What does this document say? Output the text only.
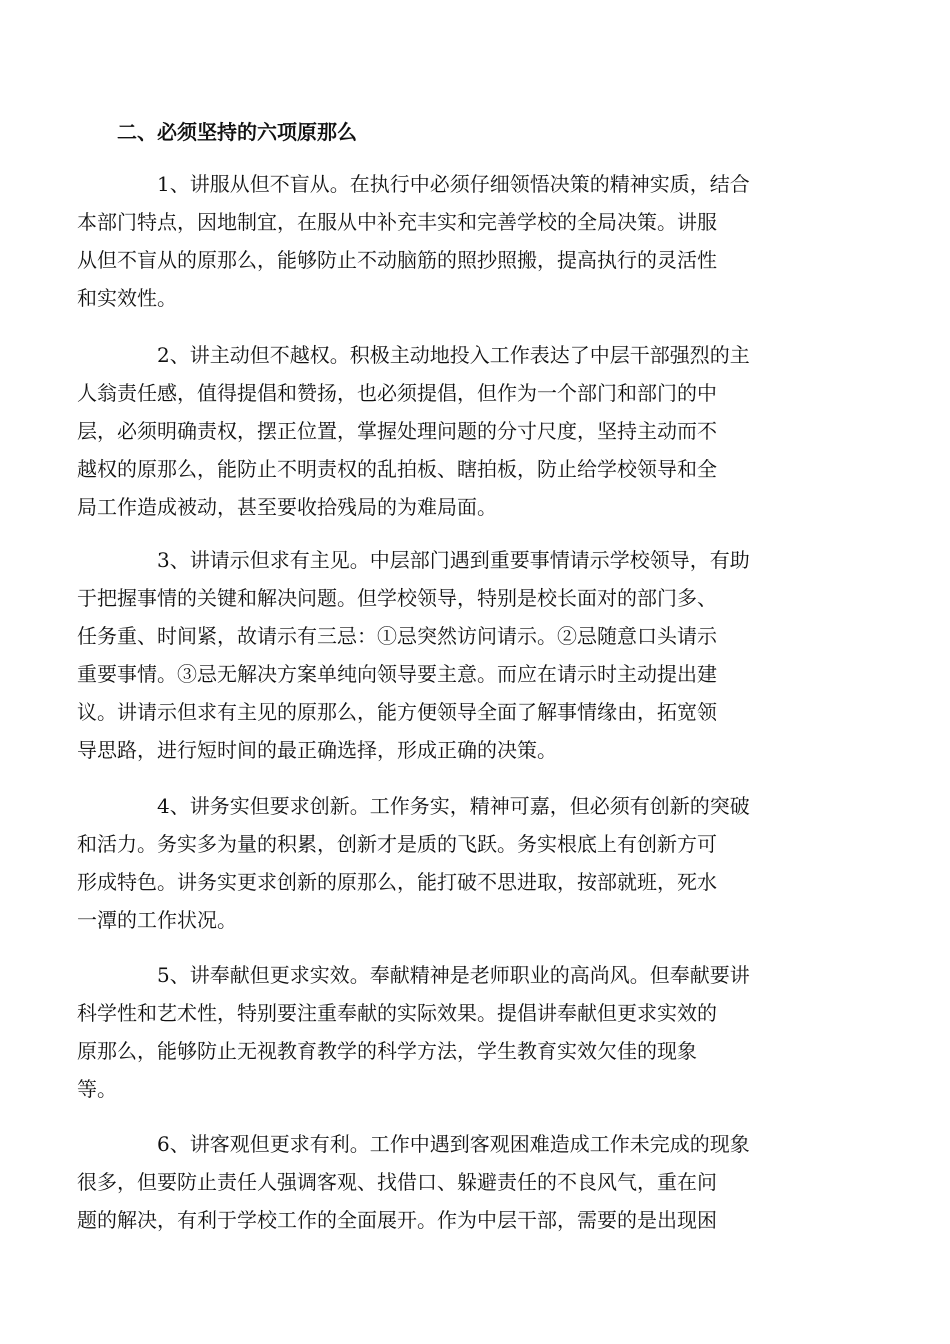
二、必须坚持的六项原那么
1、讲服从但不盲从。在执行中必须仔细领悟决策的精神实质，结合
本部门特点，因地制宜，在服从中补充丰实和完善学校的全局决策。讲服
从但不盲从的原那么，能够防止不动脑筋的照抄照搬，提高执行的灵活性
和实效性。
2、讲主动但不越权。积极主动地投入工作表达了中层干部强烈的主
人翁责任感，值得提倡和赞扬，也必须提倡，但作为一个部门和部门的中
层，必须明确责权，摆正位置，掌握处理问题的分寸尺度，坚持主动而不
越权的原那么，能防止不明责权的乱拍板、瞎拍板，防止给学校领导和全
局工作造成被动，甚至要收拾残局的为难局面。
3、讲请示但求有主见。中层部门遇到重要事情请示学校领导，有助
于把握事情的关键和解决问题。但学校领导，特别是校长面对的部门多、
任务重、时间紧，故请示有三忌：①忌突然访问请示。②忌随意口头请示
重要事情。③忌无解决方案单纯向领导要主意。而应在请示时主动提出建
议。讲请示但求有主见的原那么，能方便领导全面了解事情缘由，拓宽领
导思路，进行短时间的最正确选择，形成正确的决策。
4、讲务实但要求创新。工作务实，精神可嘉，但必须有创新的突破
和活力。务实多为量的积累，创新才是质的飞跃。务实根底上有创新方可
形成特色。讲务实更求创新的原那么，能打破不思进取，按部就班，死水
一潭的工作状况。
5、讲奉献但更求实效。奉献精神是老师职业的高尚风。但奉献要讲
科学性和艺术性，特别要注重奉献的实际效果。提倡讲奉献但更求实效的
原那么，能够防止无视教育教学的科学方法，学生教育实效欠佳的现象
等。
6、讲客观但更求有利。工作中遇到客观困难造成工作未完成的现象
很多，但要防止责任人强调客观、找借口、躲避责任的不良风气，重在问
题的解决，有利于学校工作的全面展开。作为中层干部，需要的是出现困
